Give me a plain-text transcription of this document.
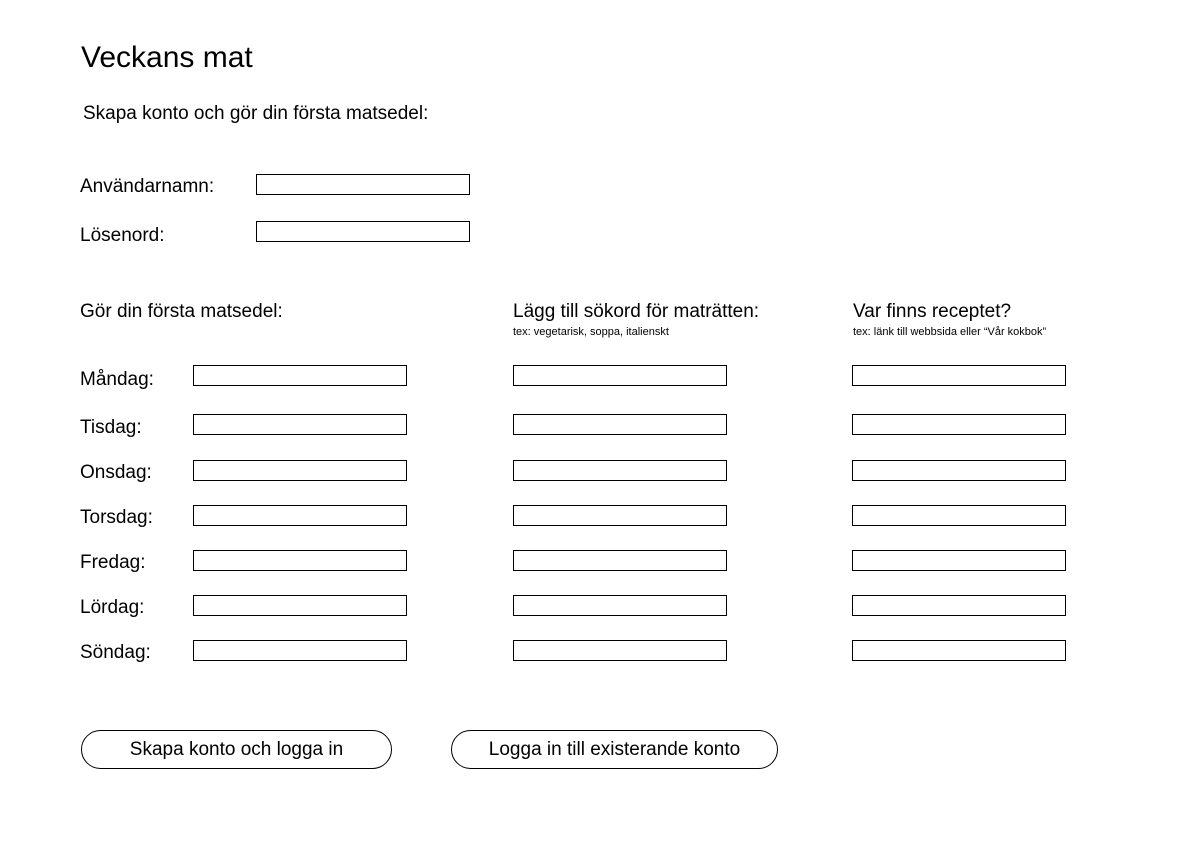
Veckans mat

Skapa konto och gör din första matsedel:

Användarnamn:
Lösenord:
Gör din första matsedel:	Lägg till sökord för maträtten:
tex: vegetarisk, soppa, italienskt
Var finns receptet?
tex: länk till webbsida eller “Vår kokbok”
Måndag:
Tisdag:
Onsdag:
Torsdag:
Fredag:
Lördag:
Söndag:
Skapa konto och logga in	Logga in till existerande konto
